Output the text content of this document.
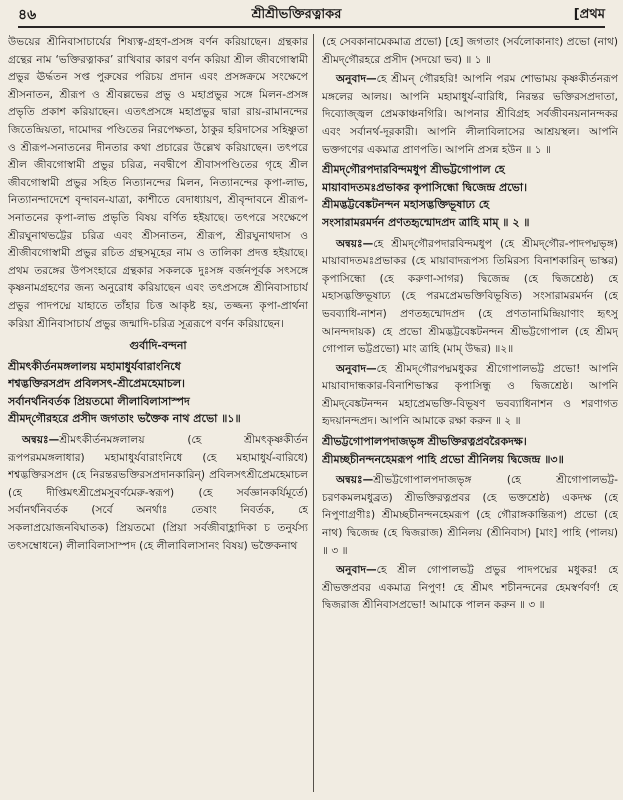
৪৬	শ্রীশ্রীভক্তিরত্নাকর	[প্রথম

উভয়ের শ্রীনিবাসাচার্যের শিষ্যত্ব-গ্রহণ-প্রসঙ্গ বর্ণন করিয়াছেন। গ্রন্থকার গ্রন্থের নাম ‘ভক্তিরত্নাকর’ রাখিবার কারণ বর্ণন করিয়া শ্রীল জীবগোস্বামী প্রভুর ঊর্দ্ধতন সপ্ত পুরুষের পরিচয় প্রদান এবং প্রসঙ্গক্রমে সংক্ষেপে শ্রীসনাতন, শ্রীরূপ ও শ্রীবল্লভের প্রভু ও মহাপ্রভুর সঙ্গে মিলন-প্রসঙ্গ প্রভৃতি প্রকাশ করিয়াছেন। এতৎপ্রসঙ্গে মহাপ্রভুর দ্বারা রায়-রামানন্দের জিতেন্দ্রিয়তা, দামোদর পণ্ডিতের নিরপেক্ষতা, ঠাকুর হরিদাসের সহিষ্ণুতা ও শ্রীরূপ-সনাতনের দীনতার কথা প্রচারের উল্লেখ করিয়াছেন। তৎপরে শ্রীল জীবগোস্বামী প্রভুর চরিত্র, নবদ্বীপে শ্রীবাসপণ্ডিতের গৃহে শ্রীল জীবগোস্বামী প্রভুর সহিত নিত্যানন্দের মিলন, নিত্যানন্দের কৃপা-লাভ, নিত্যানন্দাদেশে বৃন্দাবন-যাত্রা, কাশীতে বেদাধ্যায়ণ, শ্রীবৃন্দাবনে শ্রীরূপ-সনাতনের কৃপা-লাভ প্রভৃতি বিষয় বর্ণিত হইয়াছে। তৎপরে সংক্ষেপে শ্রীরঘুনাথভট্টের চরিত্র এবং শ্রীসনাতন, শ্রীরূপ, শ্রীরঘুনাথদাস ও শ্রীজীবগোস্বামী প্রভুর রচিত গ্রন্থসমূহের নাম ও তালিকা প্রদত্ত হইয়াছে। প্রথম তরঙ্গের উপসংহারে গ্রন্থকার সকলকে দুঃসঙ্গ বর্জনপূর্বক সৎসঙ্গে কৃষ্ণনামগ্রহণের জন্য অনুরোধ করিয়াছেন এবং তৎপ্রসঙ্গে শ্রীনিবাসাচার্য প্রভুর পাদপদ্মে যাহাতে তাঁহার চিত্ত আকৃষ্ট হয়, তজ্জন্য কৃপা-প্রার্থনা করিয়া শ্রীনিবাসাচার্য প্রভুর জন্মাদি-চরিত্র সূত্ররূপে বর্ণন করিয়াছেন।

গুর্বাদি-বন্দনা
শ্রীমৎকীর্তনমঙ্গলালয় মহামাধুর্যবারাংনিধে
শশ্বদ্ভক্তিরসপ্রদ প্রবিলসৎ-শ্রীপ্রেমহেমাচল।
সর্বানর্থনিবর্তক প্রিয়তমো লীলাবিলাসাস্পদ
শ্রীমদ্‌গৌরহরে প্রসীদ জগতাং ভক্তৈক নাথ প্রভো ॥১॥

অন্বয়ঃ—শ্রীমৎকীর্তনমঙ্গলালয় (হে শ্রীমৎকৃষ্ণকীর্তন রূপপরমমঙ্গলাধার) মহামাধুর্যবারাংনিধে (হে মহামাধুর্য-বারিধে) শশ্বদ্ভক্তিরসপ্রদ (হে নিরন্তরভক্তিরসপ্রদানকারিন্) প্রবিলসৎশ্রীপ্রেমহেমাচল (হে দীপ্তিমৎশ্রীপ্রেমসুবর্ণমেরু-স্বরূপ) (হে সর্বজ্ঞানকর্যিমূর্তে) সর্বানর্থনিবর্তক (সর্বে অনর্থাঃ তেষাং নিবর্তক, হে সকলাপ্রয়োজনবিঘাতক) প্রিয়তমো (প্রিয়া সর্বজীবাহ্লাদিকা চ তনুর্যস্য তৎসম্বোধনে) লীলাবিলাসাস্পদ (হে লীলাবিলাসানং বিষয়) ভক্তৈকনাথ

(হে সেবকানামেকমাত্র প্রভো) [হে] জগতাং (সর্বলোকানাং) প্রভো (নাথ) শ্রীমদ্‌গৌরহরে প্রসীদ (সদয়ো ভব) ॥ ১ ॥

অনুবাদ—হে শ্রীমন্‌ গৌরহরি! আপনি পরম শোভাময় কৃষ্ণকীর্তনরূপ মঙ্গলের আলয়। আপনি মহামাধুর্য-বারিধি, নিরন্তর ভক্তিরসপ্রদাতা, দিব্যোজ্জ্বল প্রেমকাঞ্চনগিরি। আপনার শ্রীবিগ্রহ সর্বজীবনয়নানন্দকর এবং সর্বানর্থ-দূরকারী। আপনি লীলাবিলাসের আশ্রয়স্থল। আপনি ভক্তগণের একমাত্র প্রাণপতি। আপনি প্রসন্ন হউন ॥ ১ ॥

শ্রীমদ্‌গৌরপদারবিন্দমধুপ শ্রীভট্টগোপাল হে
মায়াবাদতমঃপ্রভাকর কৃপাসিন্ধো দ্বিজেন্দ্র প্রভো।
শ্রীমদ্ভট্টবেঙ্কটনন্দন মহাসদ্ভক্তিভূষাঢ্য হে
সংসারামরমর্দন প্রণতহৃন্মোদপ্রদ ত্রাহি মাম্ ॥ ২ ॥

অন্বয়ঃ—হে শ্রীমদ্‌গৌরপদারবিন্দমধুপ (হে শ্রীমদ্‌গৌর-পাদপদ্মভৃঙ্গ) মায়াবাদতমঃপ্রভাকর (হে মায়াবাদরূপস্য তিমিরস্য বিনাশকারিন্ ভাস্কর) কৃপাসিন্ধো (হে করুণা-সাগর) দ্বিজেন্দ্র (হে দ্বিজশ্রেষ্ঠ) হে মহাসদ্ভক্তিভূষাঢ্য (হে পরমপ্রেমভক্তিবিভূষিত) সংসারামরমর্দন (হে ভবব্যাধি-নাশন) প্রণতহৃন্মোদপ্রদ (হে প্রণতানামিন্দ্রিয়াণাং হৃৎসু আনন্দদায়ক) হে প্রভো শ্রীমদ্ভট্টবেঙ্কটনন্দন শ্রীভট্টগোপাল (হে শ্রীমদ্ গোপাল ভট্টপ্রভো) মাং ত্রাহি (মাম্ উদ্ধর) ॥২॥

অনুবাদ—হে শ্রীমদ্‌গৌরপদ্মমধুকর শ্রীগোপালভট্ট প্রভো! আপনি মায়াবাদান্ধকার-বিনাশিভাস্কর কৃপাসিন্ধু ও দ্বিজশ্রেষ্ঠ। আপনি শ্রীমদ্‌বেঙ্কটনন্দন মহাপ্রেমভক্তি-বিভূষণ ভবব্যাধিনাশন ও শরণাগত হৃদয়ানন্দপ্রদ। আপনি আমাকে রক্ষা করুন ॥ ২ ॥

শ্রীভট্টগোপালপদাজভৃঙ্গ শ্রীভক্তিরত্নপ্রবরৈকদক্ষ।
শ্রীমচ্ছচীনন্দনহেমরূপ পাহি প্রভো শ্রীনিলয় দ্বিজেন্দ্র ॥৩॥

অন্বয়ঃ—শ্রীভট্টগোপালপদাজভৃঙ্গ (হে শ্রীগোপালভট্ট-চরণকমলমধুব্রত) শ্রীভক্তিরত্নপ্রবর (হে ভক্তশ্রেষ্ঠ) একদক্ষ (হে নিপুণাগ্রণীঃ) শ্রীমচ্ছচীনন্দনহেমরূপ (হে গৌরাঙ্গকান্তিরূপ) প্রভো (হে নাথ) দ্বিজেন্দ্র (হে দ্বিজরাজ) শ্রীনিলয় (শ্রীনিবাস) [মাং] পাহি (পালয়) ॥ ৩ ॥

অনুবাদ—হে শ্রীল গোপালভট্ট প্রভুর পাদপদ্মের মধুকর! হে শ্রীভক্তপ্রবর একমাত্র নিপুণ! হে শ্রীমৎ শচীনন্দনের হেমস্বর্ণবর্ণ! হে দ্বিজরাজ শ্রীনিবাসপ্রভো! আমাকে পালন করুন ॥ ৩ ॥
